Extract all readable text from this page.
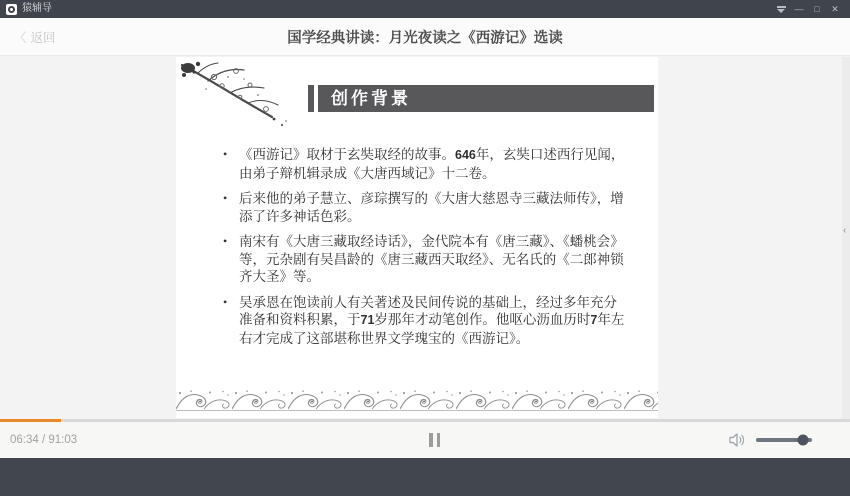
猿辅导	—	□	✕
〈 返回	国学经典讲读：月光夜读之《西游记》选读
创作背景
• 《西游记》取材于玄奘取经的故事。646年，玄奘口述西行见闻，由弟子辩机辑录成《大唐西域记》十二卷。
• 后来他的弟子慧立、彦琮撰写的《大唐大慈恩寺三藏法师传》，增添了许多神话色彩。
• 南宋有《大唐三藏取经诗话》，金代院本有《唐三藏》、《蟠桃会》等，元杂剧有吴昌龄的《唐三藏西天取经》、无名氏的《二郎神锁齐大圣》等。
• 吴承恩在饱读前人有关著述及民间传说的基础上，经过多年充分准备和资料积累，于71岁那年才动笔创作。他呕心沥血历时7年左右才完成了这部堪称世界文学瑰宝的《西游记》。
‹
06:34 / 91:03
